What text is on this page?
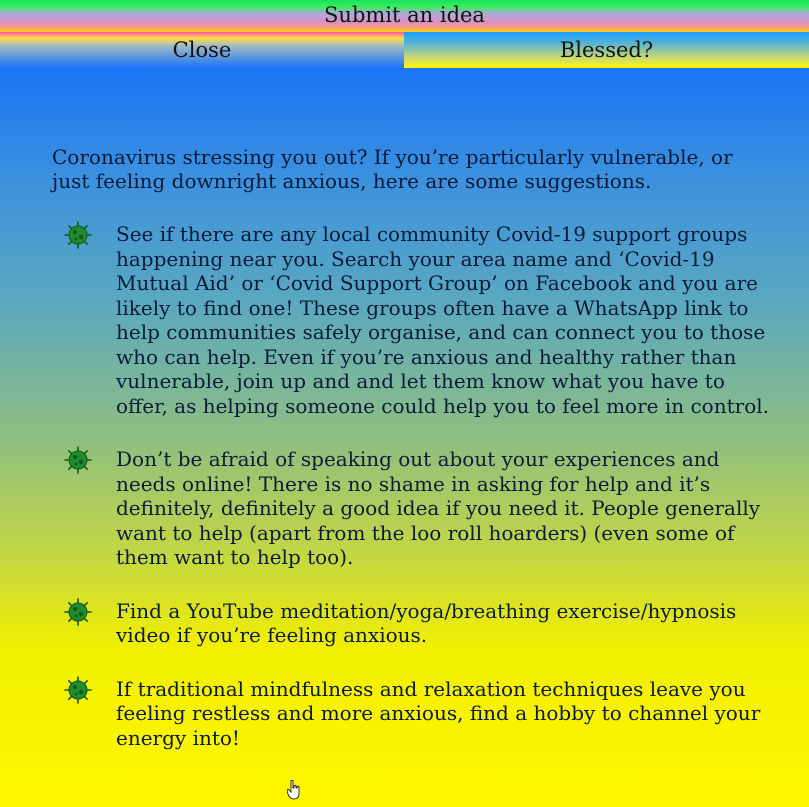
Submit an idea
Close	Blessed?

Coronavirus stressing you out? If you’re particularly vulnerable, or just feeling downright anxious, here are some suggestions.

See if there are any local community Covid-19 support groups happening near you. Search your area name and ‘Covid-19 Mutual Aid’ or ‘Covid Support Group’ on Facebook and you are likely to find one! These groups often have a WhatsApp link to help communities safely organise, and can connect you to those who can help. Even if you’re anxious and healthy rather than vulnerable, join up and and let them know what you have to offer, as helping someone could help you to feel more in control.
Don’t be afraid of speaking out about your experiences and needs online! There is no shame in asking for help and it’s definitely, definitely a good idea if you need it. People generally want to help (apart from the loo roll hoarders) (even some of them want to help too).
Find a YouTube meditation/yoga/breathing exercise/hypnosis video if you’re feeling anxious.
If traditional mindfulness and relaxation techniques leave you feeling restless and more anxious, find a hobby to channel your energy into!
